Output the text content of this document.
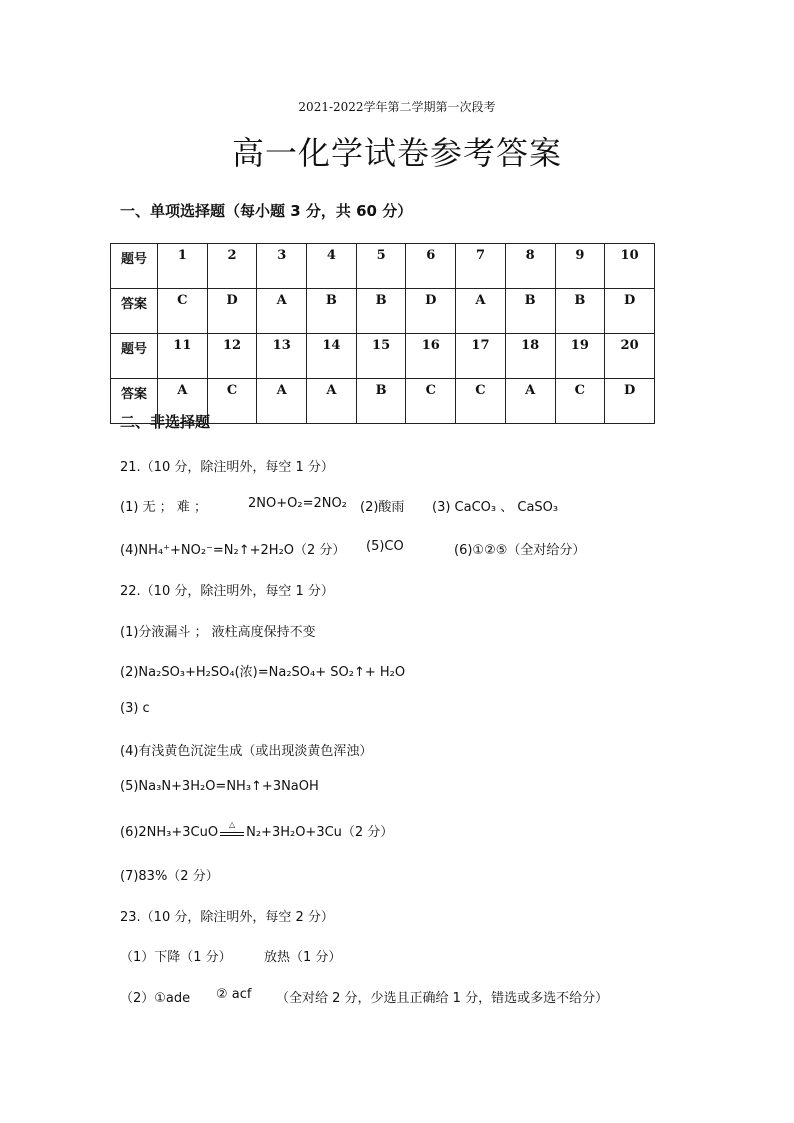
2021-2022学年第二学期第一次段考
高一化学试卷参考答案
一、单项选择题（每小题 3 分，共 60 分）
题号	1	2	3	4	5	6	7	8	9	10
答案	C	D	A	B	B	D	A	B	B	D
题号	11	12	13	14	15	16	17	18	19	20
答案	A	C	A	A	B	C	C	A	C	D
二、非选择题
21.（10 分，除注明外，每空 1 分）
(1) 无 ； 难 ；	2NO+O₂=2NO₂ (2)酸雨 (3) CaCO₃ 、 CaSO₃
(4)NH₄⁺+NO₂⁻=N₂↑+2H₂O（2 分） (5)CO	(6)①②⑤（全对给分）
22.（10 分，除注明外，每空 1 分）
(1)分液漏斗 ； 液柱高度保持不变
(2)Na₂SO₃+H₂SO₄(浓)=Na₂SO₄+ SO₂↑+ H₂O
(3) c
(4)有浅黄色沉淀生成（或出现淡黄色浑浊）
(5)Na₃N+3H₂O=NH₃↑+3NaOH
(6)2NH₃+3CuO
△
N₂+3H₂O+3Cu（2 分）
(7)83%（2 分）
23.（10 分，除注明外，每空 2 分）
（1）下降（1 分） 放热（1 分）
（2）①ade ② acf （全对给 2 分，少选且正确给 1 分，错选或多选不给分）
